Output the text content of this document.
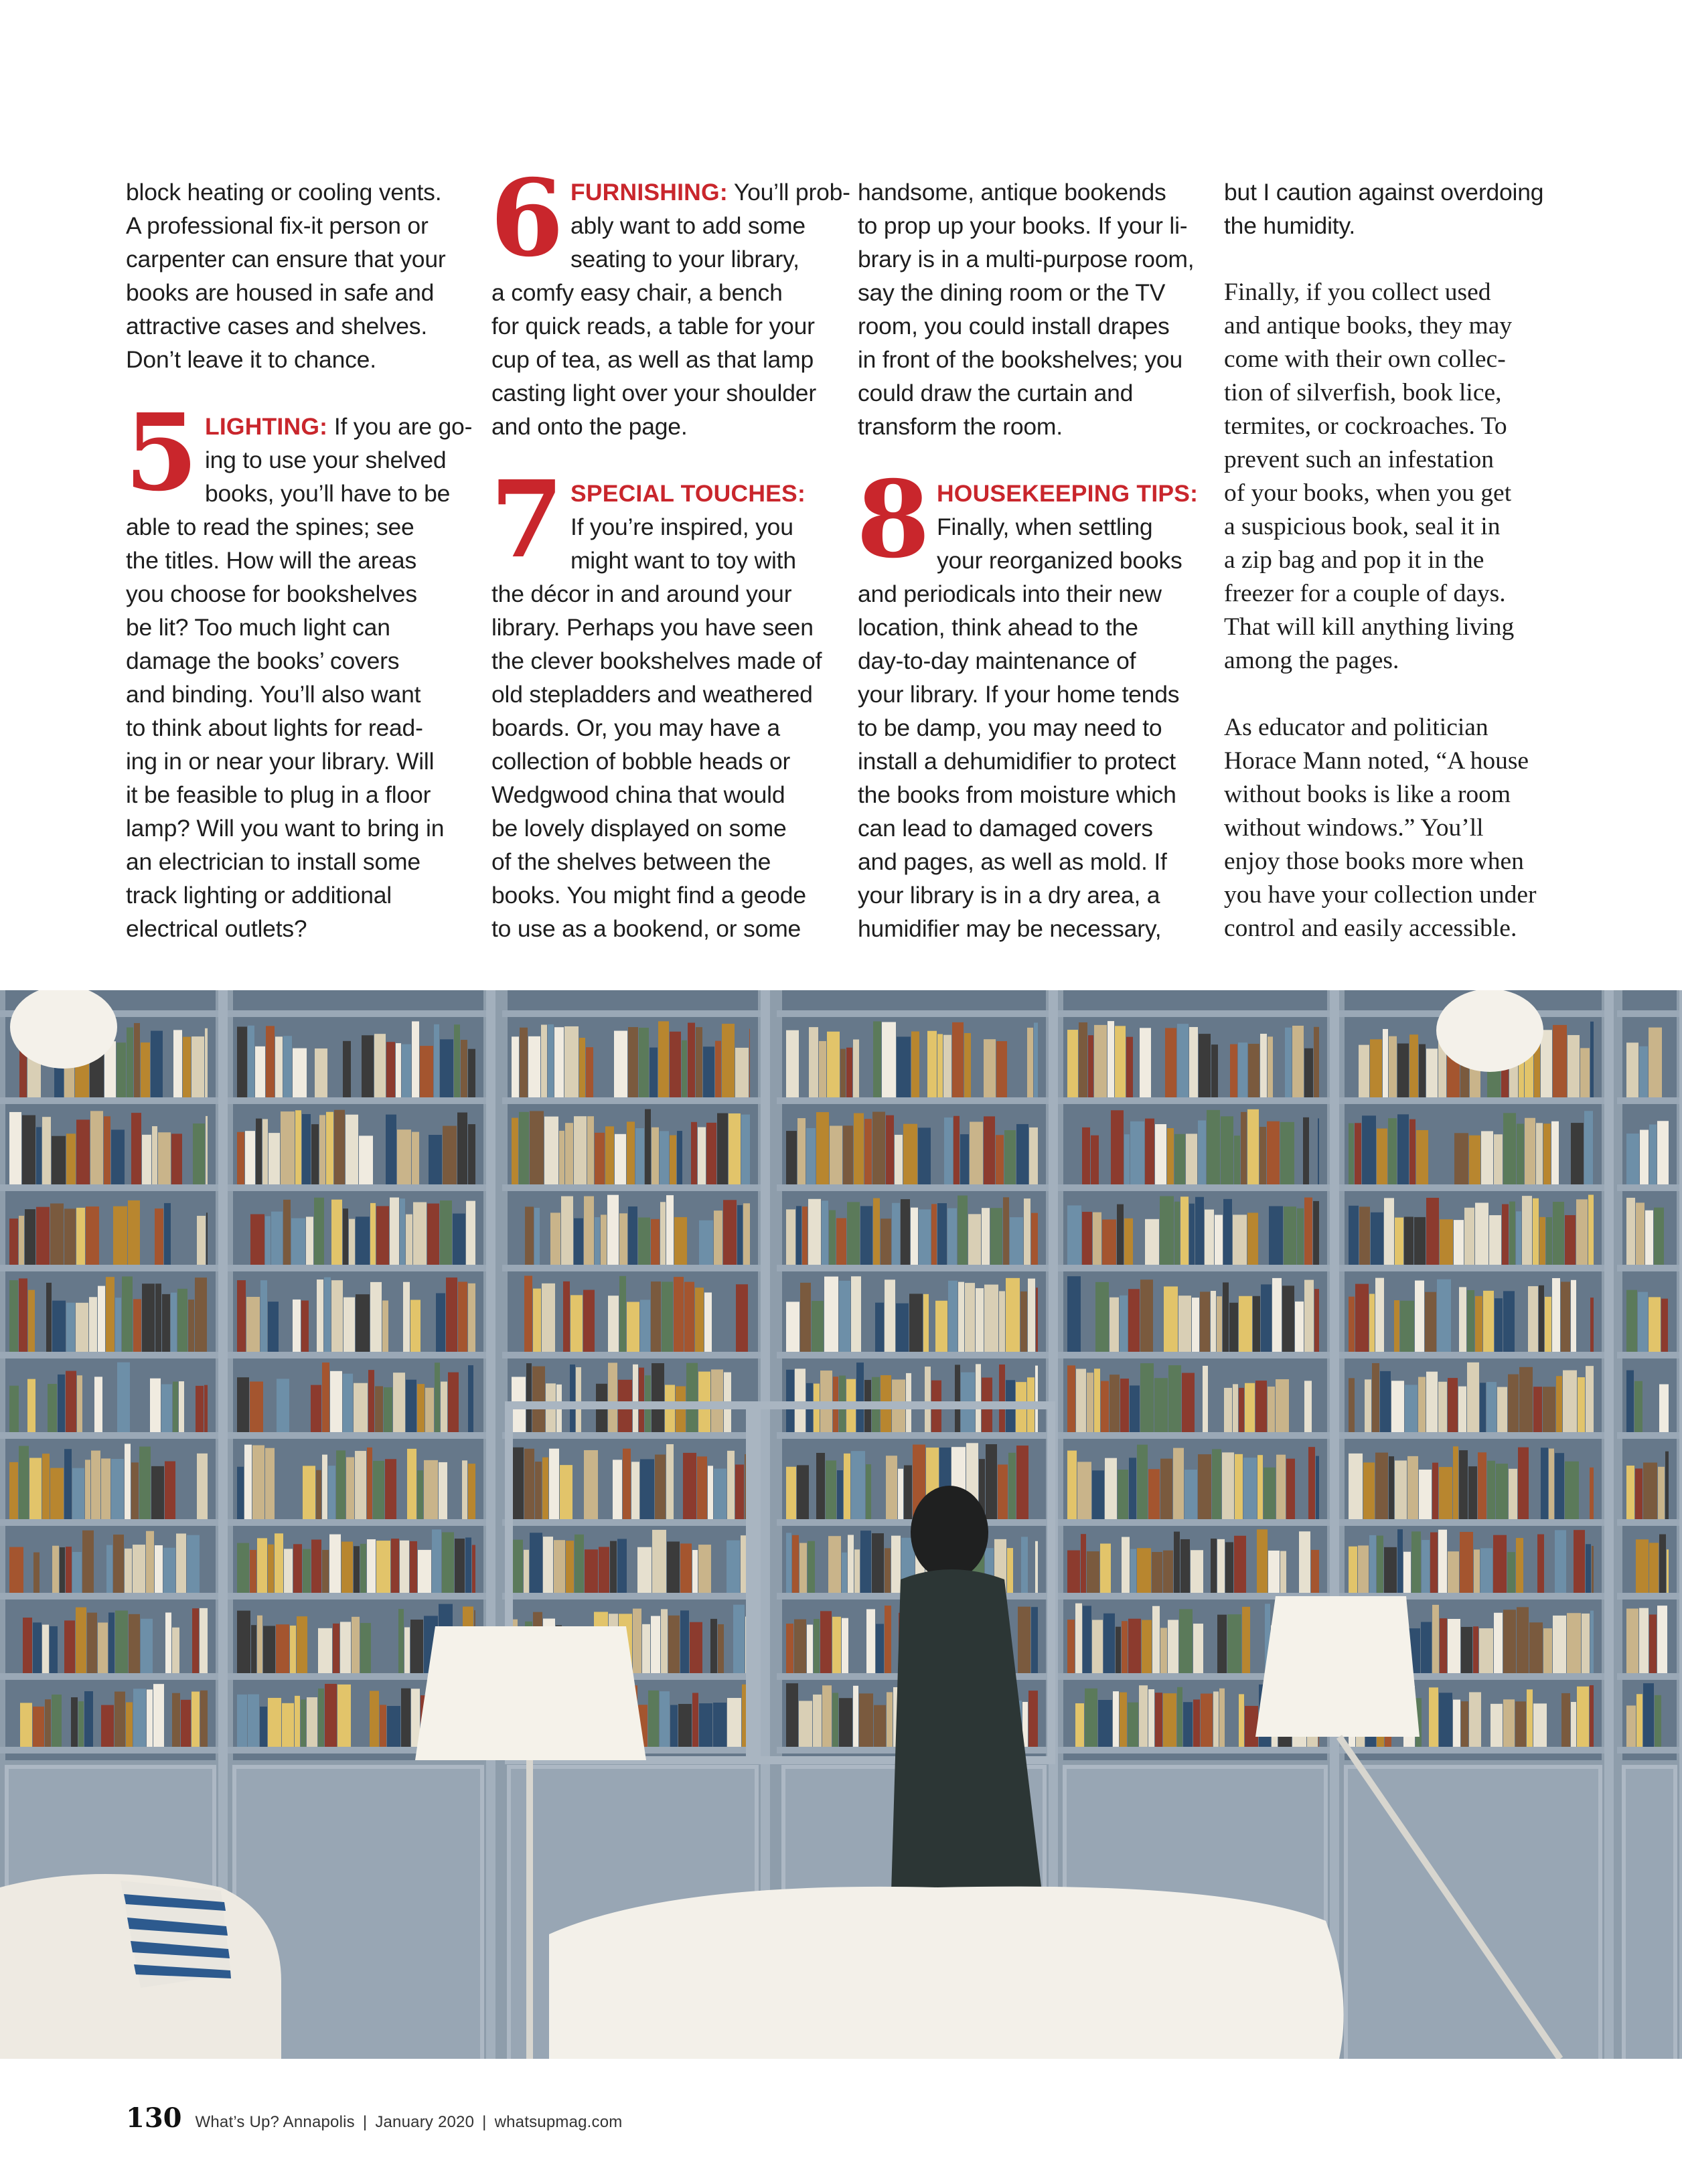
block heating or cooling vents.
A professional fix-it person or
carpenter can ensure that your
books are housed in safe and
attractive cases and shelves.
Don’t leave it to chance.

5 LIGHTING: If you are go-
ing to use your shelved
books, you’ll have to be
able to read the spines; see
the titles. How will the areas
you choose for bookshelves
be lit? Too much light can
damage the books’ covers
and binding. You’ll also want
to think about lights for read-
ing in or near your library. Will
it be feasible to plug in a floor
lamp? Will you want to bring in
an electrician to install some
track lighting or additional
electrical outlets?
6 FURNISHING: You’ll prob-
ably want to add some
seating to your library,
a comfy easy chair, a bench
for quick reads, a table for your
cup of tea, as well as that lamp
casting light over your shoulder
and onto the page.
7 SPECIAL TOUCHES:
If you’re inspired, you
might want to toy with
the décor in and around your
library. Perhaps you have seen
the clever bookshelves made of
old stepladders and weathered
boards. Or, you may have a
collection of bobble heads or
Wedgwood china that would
be lovely displayed on some
of the shelves between the
books. You might find a geode
to use as a bookend, or some

handsome, antique bookends
to prop up your books. If your li-
brary is in a multi-purpose room,
say the dining room or the TV
room, you could install drapes
in front of the bookshelves; you
could draw the curtain and
transform the room.

8 HOUSEKEEPING TIPS:
Finally, when settling
your reorganized books
and periodicals into their new
location, think ahead to the
day-to-day maintenance of
your library. If your home tends
to be damp, you may need to
install a dehumidifier to protect
the books from moisture which
can lead to damaged covers
and pages, as well as mold. If
your library is in a dry area, a
humidifier may be necessary,

but I caution against overdoing
the humidity.

Finally, if you collect used
and antique books, they may
come with their own collec-
tion of silverfish, book lice,
termites, or cockroaches. To
prevent such an infestation
of your books, when you get
a suspicious book, seal it in
a zip bag and pop it in the
freezer for a couple of days.
That will kill anything living
among the pages.

As educator and politician
Horace Mann noted, “A house
without books is like a room
without windows.” You’ll
enjoy those books more when
you have your collection under
control and easily accessible.

130 What’s Up? Annapolis | January 2020 | whatsupmag.com
